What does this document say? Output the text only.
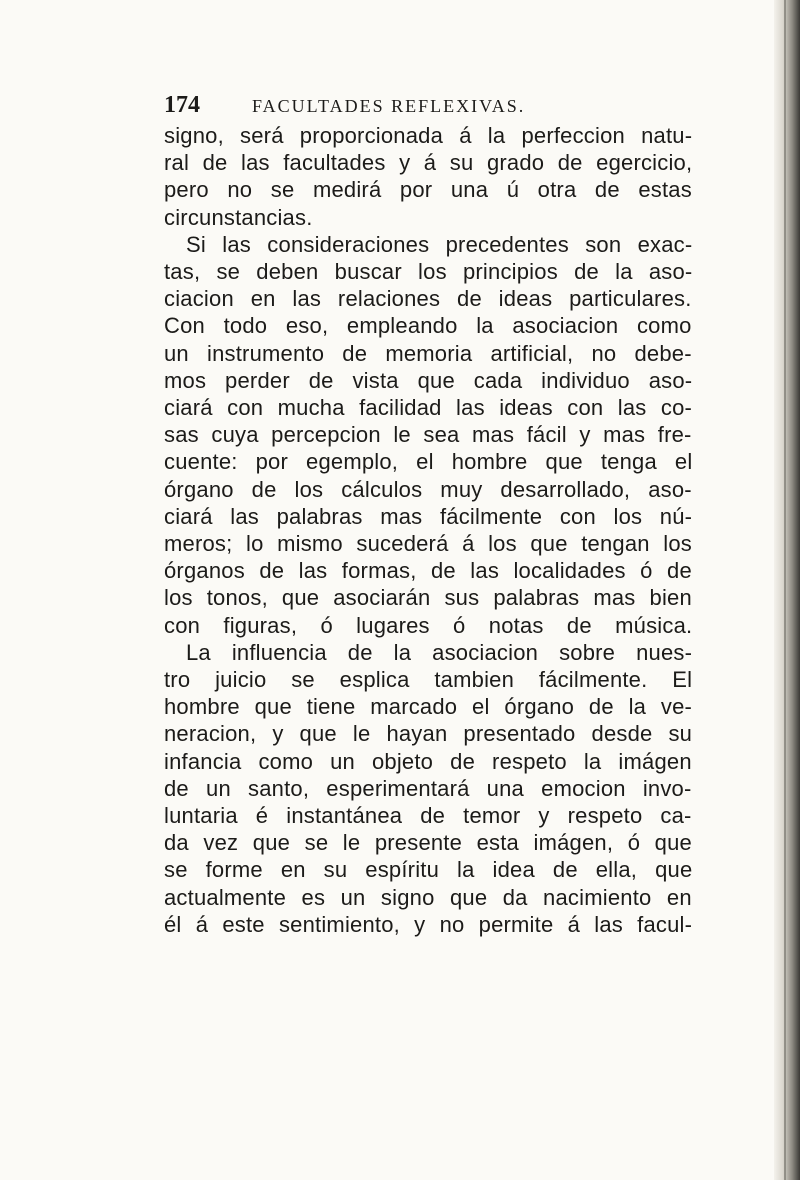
174	FACULTADES REFLEXIVAS.
signo, será proporcionada á la perfeccion natu-
ral de las facultades y á su grado de egercicio,
pero no se medirá por una ú otra de estas
circunstancias.
Si las consideraciones precedentes son exac-
tas, se deben buscar los principios de la aso-
ciacion en las relaciones de ideas particulares.
Con todo eso, empleando la asociacion como
un instrumento de memoria artificial, no debe-
mos perder de vista que cada individuo aso-
ciará con mucha facilidad las ideas con las co-
sas cuya percepcion le sea mas fácil y mas fre-
cuente: por egemplo, el hombre que tenga el
órgano de los cálculos muy desarrollado, aso-
ciará las palabras mas fácilmente con los nú-
meros; lo mismo sucederá á los que tengan los
órganos de las formas, de las localidades ó de
los tonos, que asociarán sus palabras mas bien
con figuras, ó lugares ó notas de música.
La influencia de la asociacion sobre nues-
tro juicio se esplica tambien fácilmente. El
hombre que tiene marcado el órgano de la ve-
neracion, y que le hayan presentado desde su
infancia como un objeto de respeto la imágen
de un santo, esperimentará una emocion invo-
luntaria é instantánea de temor y respeto ca-
da vez que se le presente esta imágen, ó que
se forme en su espíritu la idea de ella, que
actualmente es un signo que da nacimiento en
él á este sentimiento, y no permite á las facul-
